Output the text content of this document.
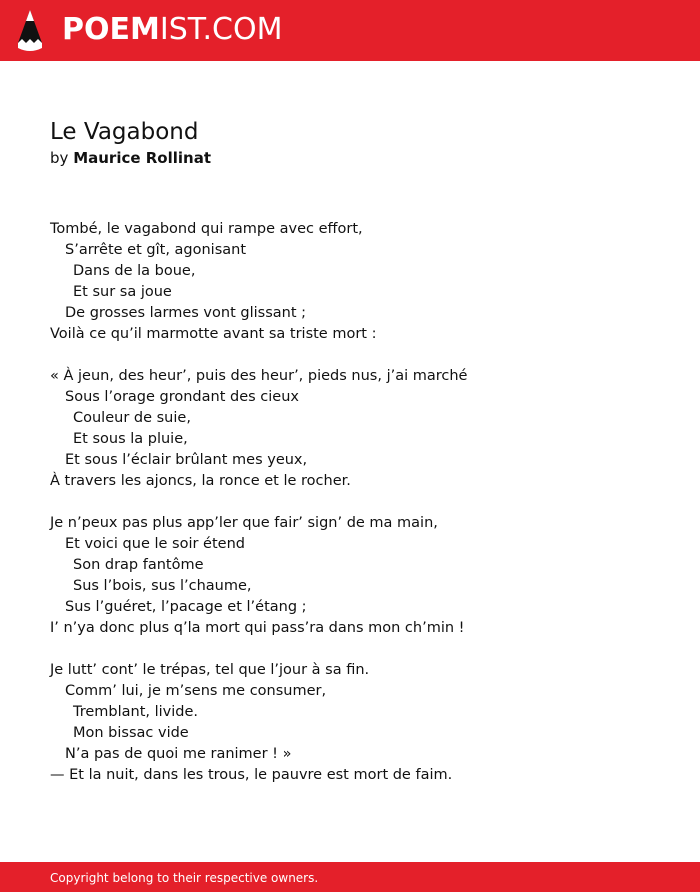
POEMIST.COM
Le Vagabond
by Maurice Rollinat
Tombé, le vagabond qui rampe avec effort,
S’arrête et gît, agonisant
Dans de la boue,
Et sur sa joue
De grosses larmes vont glissant ;
Voilà ce qu’il marmotte avant sa triste mort :
« À jeun, des heur’, puis des heur’, pieds nus, j’ai marché
Sous l’orage grondant des cieux
Couleur de suie,
Et sous la pluie,
Et sous l’éclair brûlant mes yeux,
À travers les ajoncs, la ronce et le rocher.
Je n’peux pas plus app’ler que fair’ sign’ de ma main,
Et voici que le soir étend
Son drap fantôme
Sus l’bois, sus l’chaume,
Sus l’guéret, l’pacage et l’étang ;
I’ n’ya donc plus q’la mort qui pass’ra dans mon ch’min !
Je lutt’ cont’ le trépas, tel que l’jour à sa fin.
Comm’ lui, je m’sens me consumer,
Tremblant, livide.
Mon bissac vide
N’a pas de quoi me ranimer ! »
— Et la nuit, dans les trous, le pauvre est mort de faim.
Copyright belong to their respective owners.
